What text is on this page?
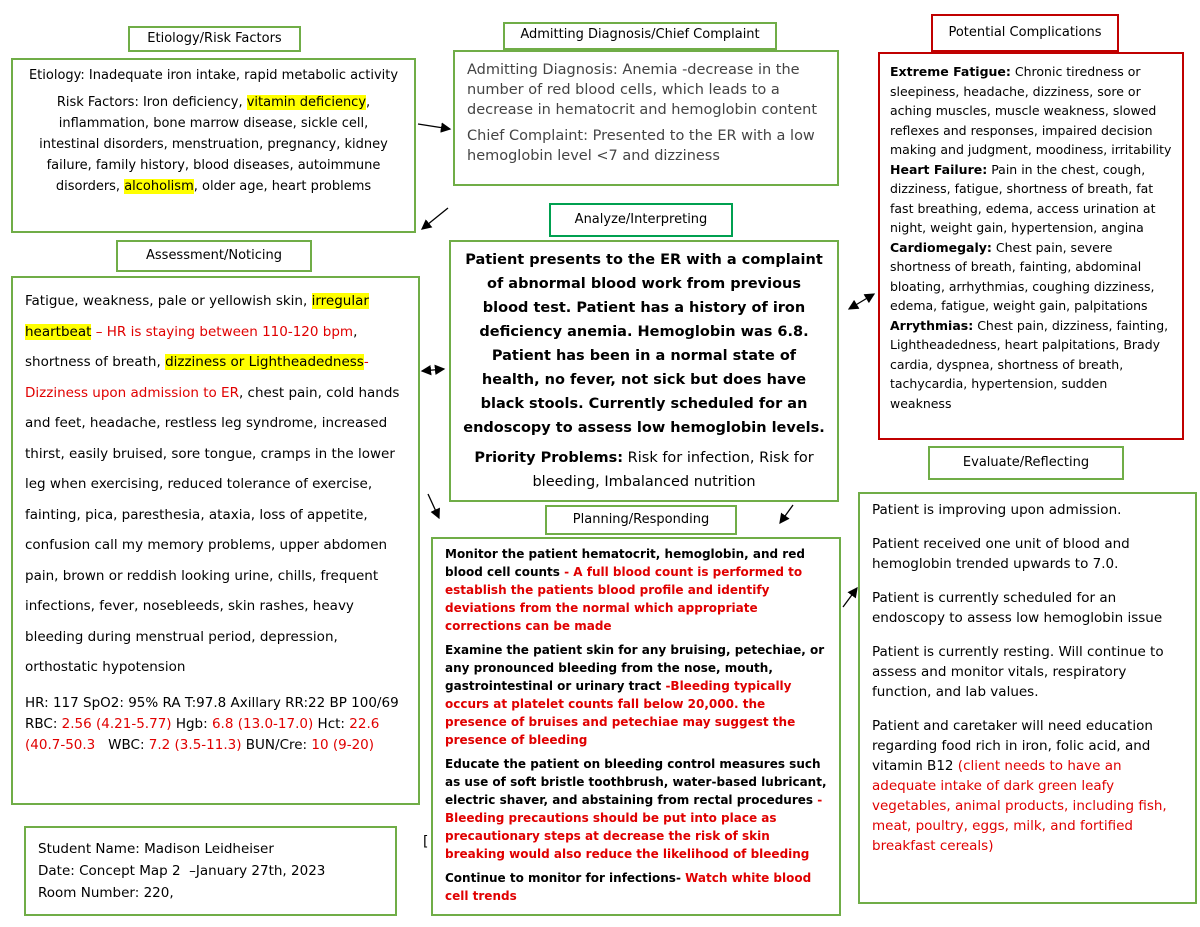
Etiology/Risk Factors	Admitting Diagnosis/Chief Complaint	Potential Complications
Assessment/Noticing
Analyze/Interpreting
Planning/Responding
Evaluate/Reflecting

Etiology: Inadequate iron intake, rapid metabolic activity

Risk Factors: Iron deficiency, vitamin deficiency, inflammation, bone marrow disease, sickle cell, intestinal disorders, menstruation, pregnancy, kidney failure, family history, blood diseases, autoimmune disorders, alcoholism, older age, heart problems

Admitting Diagnosis: Anemia -decrease in the number of red blood cells, which leads to a decrease in hematocrit and hemoglobin content

Chief Complaint: Presented to the ER with a low hemoglobin level <7 and dizziness

Extreme Fatigue: Chronic tiredness or sleepiness, headache, dizziness, sore or aching muscles, muscle weakness, slowed reflexes and responses, impaired decision making and judgment, moodiness, irritability

Heart Failure: Pain in the chest, cough, dizziness, fatigue, shortness of breath, fat fast breathing, edema, access urination at night, weight gain, hypertension, angina

Cardiomegaly: Chest pain, severe shortness of breath, fainting, abdominal bloating, arrhythmias, coughing dizziness, edema, fatigue, weight gain, palpitations

Arrythmias: Chest pain, dizziness, fainting, Lightheadedness, heart palpitations, Brady cardia, dyspnea, shortness of breath, tachycardia, hypertension, sudden weakness

Fatigue, weakness, pale or yellowish skin, irregular heartbeat – HR is staying between 110-120 bpm, shortness of breath, dizziness or Lightheadedness- Dizziness upon admission to ER, chest pain, cold hands and feet, headache, restless leg syndrome, increased thirst, easily bruised, sore tongue, cramps in the lower leg when exercising, reduced tolerance of exercise, fainting, pica, paresthesia, ataxia, loss of appetite, confusion call my memory problems, upper abdomen pain, brown or reddish looking urine, chills, frequent infections, fever, nosebleeds, skin rashes, heavy bleeding during menstrual period, depression, orthostatic hypotension

HR: 117 SpO2: 95% RA T:97.8 Axillary RR:22 BP 100/69

RBC: 2.56 (4.21-5.77) Hgb: 6.8 (13.0-17.0) Hct: 22.6 (40.7-50.3   WBC: 7.2 (3.5-11.3) BUN/Cre: 10 (9-20)

Patient presents to the ER with a complaint of abnormal blood work from previous blood test. Patient has a history of iron deficiency anemia. Hemoglobin was 6.8. Patient has been in a normal state of health, no fever, not sick but does have black stools. Currently scheduled for an endoscopy to assess low hemoglobin levels.

Priority Problems: Risk for infection, Risk for bleeding, Imbalanced nutrition

Monitor the patient hematocrit, hemoglobin, and red blood cell counts - A full blood count is performed to establish the patients blood profile and identify deviations from the normal which appropriate corrections can be made

Examine the patient skin for any bruising, petechiae, or any pronounced bleeding from the nose, mouth, gastrointestinal or urinary tract -Bleeding typically occurs at platelet counts fall below 20,000. the presence of bruises and petechiae may suggest the presence of bleeding

Educate the patient on bleeding control measures such as use of soft bristle toothbrush, water-based lubricant, electric shaver, and abstaining from rectal procedures - Bleeding precautions should be put into place as precautionary steps at decrease the risk of skin breaking would also reduce the likelihood of bleeding

Continue to monitor for infections- Watch white blood cell trends

Patient is improving upon admission.

Patient received one unit of blood and hemoglobin trended upwards to 7.0.

Patient is currently scheduled for an endoscopy to assess low hemoglobin issue

Patient is currently resting. Will continue to assess and monitor vitals, respiratory function, and lab values.

Patient and caretaker will need education regarding food rich in iron, folic acid, and vitamin B12 (client needs to have an adequate intake of dark green leafy vegetables, animal products, including fish, meat, poultry, eggs, milk, and fortified breakfast cereals)

[

Student Name: Madison Leidheiser

Date: Concept Map 2  –January 27th, 2023

Room Number: 220,
